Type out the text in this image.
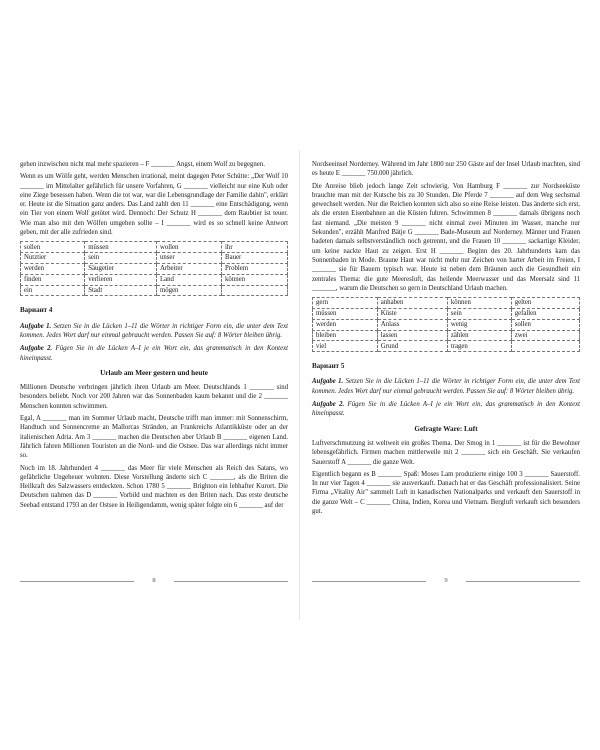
gehen inzwischen nicht mal mehr spazieren – F _______ Angst, einem Wolf zu begegnen.

Wenn es um Wölfe geht, werden Menschen irrational, meint dagegen Peter Schütte: „Der Wolf 10 _______ im Mittelalter gefährlich für unsere Vorfahren, G _______ vielleicht nur eine Kuh oder eine Ziege besessen haben. Wenn die tot war, war die Lebensgrundlage der Familie dahin", erklärt er. Heute ist die Situation ganz anders. Das Land zahlt den 11 _______ eine Entschädigung, wenn ein Tier von einem Wolf getötet wird. Dennoch: Der Schutz H _______ dem Raubtier ist teuer. Wie man also mit den Wölfen umgehen sollte – I _______ wird es so schnell keine Antwort geben, mit der alle zufrieden sind.

sollen	müssen	wollen	ihr
Nutztier	sein	unser	Bauer
werden	Säugetier	Arbeiter	Problem
finden	verlieren	Land	können
ein	Stadt	mögen	
Вариант 4

Aufgabe 1. Setzen Sie in die Lücken 1–11 die Wörter in richtiger Form ein, die unter dem Text kommen. Jedes Wort darf nur einmal gebraucht werden. Passen Sie auf: 8 Wörter bleiben übrig.

Aufgabe 2. Fügen Sie in die Lücken A–I je ein Wort ein, das grammatisch in den Kontext hineinpasst.

Urlaub am Meer gestern und heute

Millionen Deutsche verbringen jährlich ihren Urlaub am Meer. Deutschlands 1 _______ sind besonders beliebt. Noch vor 200 Jahren war das Sonnenbaden kaum bekannt und die 2 _______ Menschen konnten schwimmen.

Egal, A _______ man im Sommer Urlaub macht, Deutsche trifft man immer: mit Sonnenschirm, Handtuch und Sonnencreme an Mallorcas Stränden, an Frankreichs Atlantikküste oder an der italienischen Adria. Am 3 _______ machen die Deutschen aber Urlaub B _______ eigenen Land. Jährlich fahren Millionen Touristen an die Nord- und die Ostsee. Das war allerdings nicht immer so.

Noch im 18. Jahrhundert 4 _______ das Meer für viele Menschen als Reich des Satans, wo gefährliche Ungeheuer wohnten. Diese Vorstellung änderte sich C _______, als die Briten die Heilkraft des Salzwassers entdeckten. Schon 1780 5 _______ Brighton ein lebhafter Kurort. Die Deutschen nahmen das D _______ Vorbild und machten es den Briten nach. Das erste deutsche Seebad entstand 1793 an der Ostsee in Heiligendamm, wenig später folgte ein 6 _______ auf der

Nordseeinsel Norderney. Während im Jahr 1800 nur 250 Gäste auf der Insel Urlaub machten, sind es heute E _______ 750.000 jährlich.

Die Anreise blieb jedoch lange Zeit schwierig. Von Hamburg F _______ zur Nordseeküste brauchte man mit der Kutsche bis zu 30 Stunden. Die Pferde 7 _______ auf dem Weg sechsmal gewechselt werden. Nur die Reichen konnten sich also so eine Reise leisten. Das änderte sich erst, als die ersten Eisenbahnen an die Küsten fuhren. Schwimmen 8 _______ damals übrigens noch fast niemand. „Die meisten 9 _______ nicht einmal zwei Minuten im Wasser, manche nur Sekunden", erzählt Manfred Bätje G _______ Bade-Museum auf Norderney. Männer und Frauen badeten damals selbstverständlich noch getrennt, und die Frauen 10 _______ sackartige Kleider, um keine nackte Haut zu zeigen. Erst H _______ Beginn des 20. Jahrhunderts kam das Sonnenbaden in Mode. Braune Haut war nicht mehr nur Zeichen von harter Arbeit im Freien, I _______ sie für Bauern typisch war. Heute ist neben dem Bräunen auch die Gesundheit ein zentrales Thema: die gute Meeresluft, das heilende Meerwasser und das Meersalz sind 11 _______, warum die Deutschen so gern in Deutschland Urlaub machen.

gern	anhaben	können	gelten
müssen	Küste	sein	gefallen
werden	Anlass	wenig	sollen
bleiben	lassen	zählen	zwei
viel	Grund	tragen	
Вариант 5

Aufgabe 1. Setzen Sie in die Lücken 1–11 die Wörter in richtiger Form ein, die unter dem Text kommen. Jedes Wort darf nur einmal gebraucht werden. Passen Sie auf: 8 Wörter bleiben übrig.

Aufgabe 2. Fügen Sie in die Lücken A–I je ein Wort ein, das grammatisch in den Kontext hineinpasst.

Gefragte Ware: Luft

Luftverschmutzung ist weltweit ein großes Thema. Der Smog in 1 _______ ist für die Bewohner lebensgefährlich. Firmen machen mittlerweile mit 2 _______ sich ein Geschäft. Sie verkaufen Sauerstoff A _______ die ganze Welt.

Eigentlich begann es B _______ Spaß: Moses Lam produzierte einige 100 3 _______ Sauerstoff. In nur vier Tagen 4 _______ sie ausverkauft. Danach hat er das Geschäft professionalisiert. Seine Firma „Vitality Air" sammelt Luft in kanadischen Nationalparks und verkauft den Sauerstoff in die ganze Welt – C _______ China, Indien, Korea und Vietnam. Bergluft verkauft sich besonders gut.

8	9
